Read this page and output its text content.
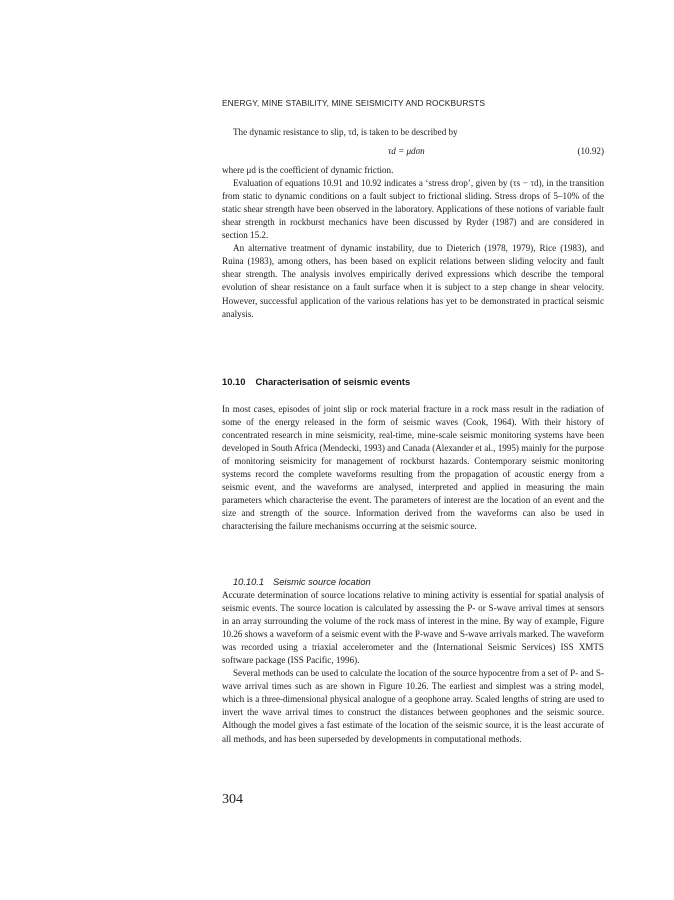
ENERGY, MINE STABILITY, MINE SEISMICITY AND ROCKBURSTS

The dynamic resistance to slip, τd, is taken to be described by

τd = μdσn	(10.92)

where μd is the coefficient of dynamic friction.

Evaluation of equations 10.91 and 10.92 indicates a ‘stress drop’, given by (τs − τd), in the transition from static to dynamic conditions on a fault subject to frictional sliding. Stress drops of 5–10% of the static shear strength have been observed in the laboratory. Applications of these notions of variable fault shear strength in rockburst mechanics have been discussed by Ryder (1987) and are considered in section 15.2.

An alternative treatment of dynamic instability, due to Dieterich (1978, 1979), Rice (1983), and Ruina (1983), among others, has been based on explicit relations between sliding velocity and fault shear strength. The analysis involves empirically derived expressions which describe the temporal evolution of shear resistance on a fault surface when it is subject to a step change in shear velocity. However, successful application of the various relations has yet to be demonstrated in practical seismic analysis.

10.10 Characterisation of seismic events

In most cases, episodes of joint slip or rock material fracture in a rock mass result in the radiation of some of the energy released in the form of seismic waves (Cook, 1964). With their history of concentrated research in mine seismicity, real-time, mine-scale seismic monitoring systems have been developed in South Africa (Mendecki, 1993) and Canada (Alexander et al., 1995) mainly for the purpose of monitoring seismicity for management of rockburst hazards. Contemporary seismic monitoring systems record the complete waveforms resulting from the propagation of acoustic energy from a seismic event, and the waveforms are analysed, interpreted and applied in measuring the main parameters which characterise the event. The parameters of interest are the location of an event and the size and strength of the source. Information derived from the waveforms can also be used in characterising the failure mechanisms occurring at the seismic source.

10.10.1 Seismic source location

Accurate determination of source locations relative to mining activity is essential for spatial analysis of seismic events. The source location is calculated by assessing the P- or S-wave arrival times at sensors in an array surrounding the volume of the rock mass of interest in the mine. By way of example, Figure 10.26 shows a waveform of a seismic event with the P-wave and S-wave arrivals marked. The waveform was recorded using a triaxial accelerometer and the (International Seismic Services) ISS XMTS software package (ISS Pacific, 1996).

Several methods can be used to calculate the location of the source hypocentre from a set of P- and S-wave arrival times such as are shown in Figure 10.26. The earliest and simplest was a string model, which is a three-dimensional physical analogue of a geophone array. Scaled lengths of string are used to invert the wave arrival times to construct the distances between geophones and the seismic source. Although the model gives a fast estimate of the location of the seismic source, it is the least accurate of all methods, and has been superseded by developments in computational methods.

304
